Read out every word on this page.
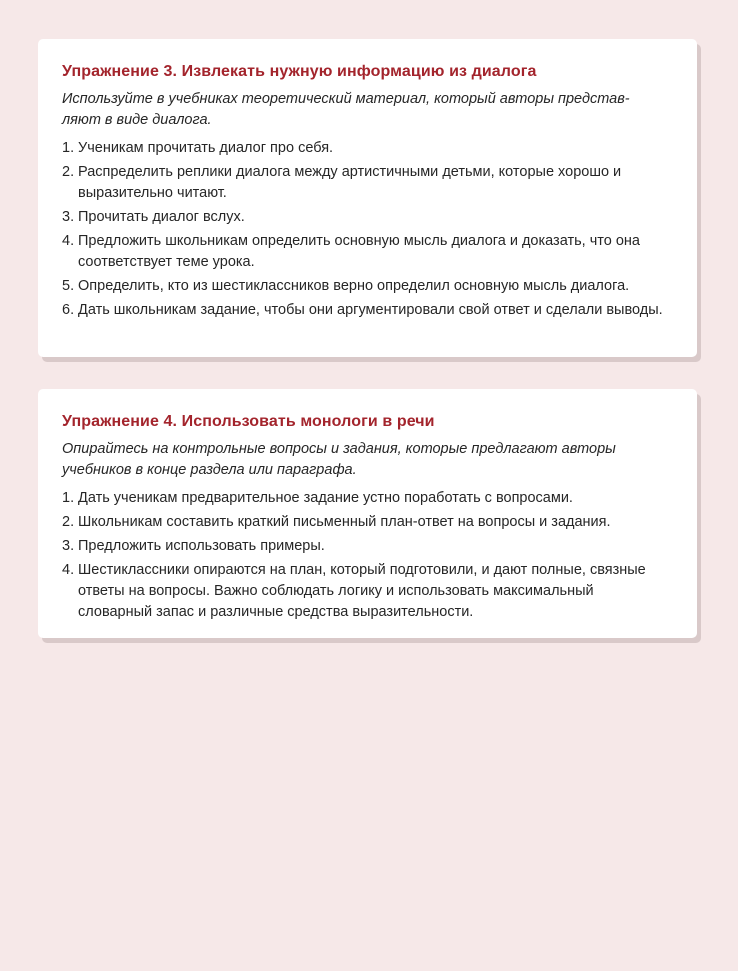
Упражнение 3. Извлекать нужную информацию из диалога

Используйте в учебниках теоретический материал, который авторы представ-ляют в виде диалога.

1. Ученикам прочитать диалог про себя.
2. Распределить реплики диалога между артистичными детьми, которые хорошо и выразительно читают.
3. Прочитать диалог вслух.
4. Предложить школьникам определить основную мысль диалога и доказать, что она соответствует теме урока.
5. Определить, кто из шестиклассников верно определил основную мысль диалога.
6. Дать школьникам задание, чтобы они аргументировали свой ответ и сделали выводы.
Упражнение 4. Использовать монологи в речи

Опирайтесь на контрольные вопросы и задания, которые предлагают авторы учебников в конце раздела или параграфа.

1. Дать ученикам предварительное задание устно поработать с вопросами.
2. Школьникам составить краткий письменный план-ответ на вопросы и задания.
3. Предложить использовать примеры.
4. Шестиклассники опираются на план, который подготовили, и дают полные, связные ответы на вопросы. Важно соблюдать логику и использовать максимальный словарный запас и различные средства выразительности.
